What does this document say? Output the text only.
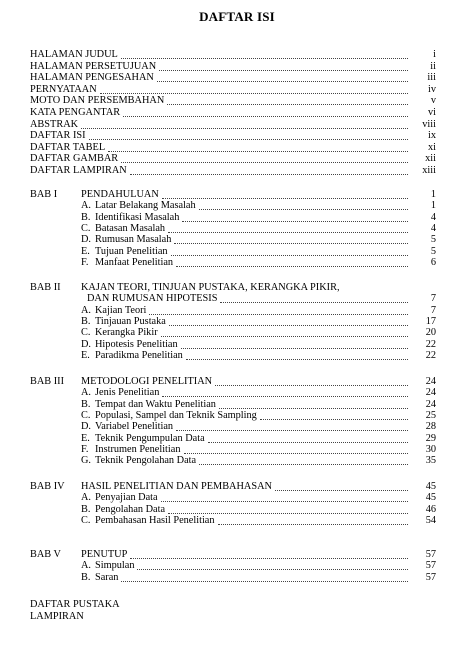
DAFTAR ISI
HALAMAN JUDUL	i
HALAMAN PERSETUJUAN	ii
HALAMAN PENGESAHAN	iii
PERNYATAAN	iv
MOTO DAN PERSEMBAHAN	v
KATA PENGANTAR	vi
ABSTRAK	viii
DAFTAR ISI	ix
DAFTAR TABEL	xi
DAFTAR GAMBAR	xii
DAFTAR LAMPIRAN	xiii
BAB I PENDAHULUAN	1
A. Latar Belakang Masalah	1
B. Identifikasi Masalah	4
C. Batasan Masalah	4
D. Rumusan Masalah	5
E. Tujuan Penelitian	5
F. Manfaat Penelitian	6
BAB II KAJAN TEORI, TINJUAN PUSTAKA, KERANGKA PIKIR,
DAN RUMUSAN HIPOTESIS	7
A. Kajian Teori	7
B. Tinjauan Pustaka	17
C. Kerangka Pikir	20
D. Hipotesis Penelitian	22
E. Paradikma Penelitian	22
BAB III METODOLOGI PENELITIAN	24
A. Jenis Penelitian	24
B. Tempat dan Waktu Penelitian	24
C. Populasi, Sampel dan Teknik Sampling	25
D. Variabel Penelitian	28
E. Teknik Pengumpulan Data	29
F. Instrumen Penelitian	30
G. Teknik Pengolahan Data	35
BAB IV HASIL PENELITIAN DAN PEMBAHASAN	45
A. Penyajian Data	45
B. Pengolahan Data	46
C. Pembahasan Hasil Penelitian	54
BAB V PENUTUP	57
A. Simpulan	57
B. Saran	57
DAFTAR PUSTAKA
LAMPIRAN
